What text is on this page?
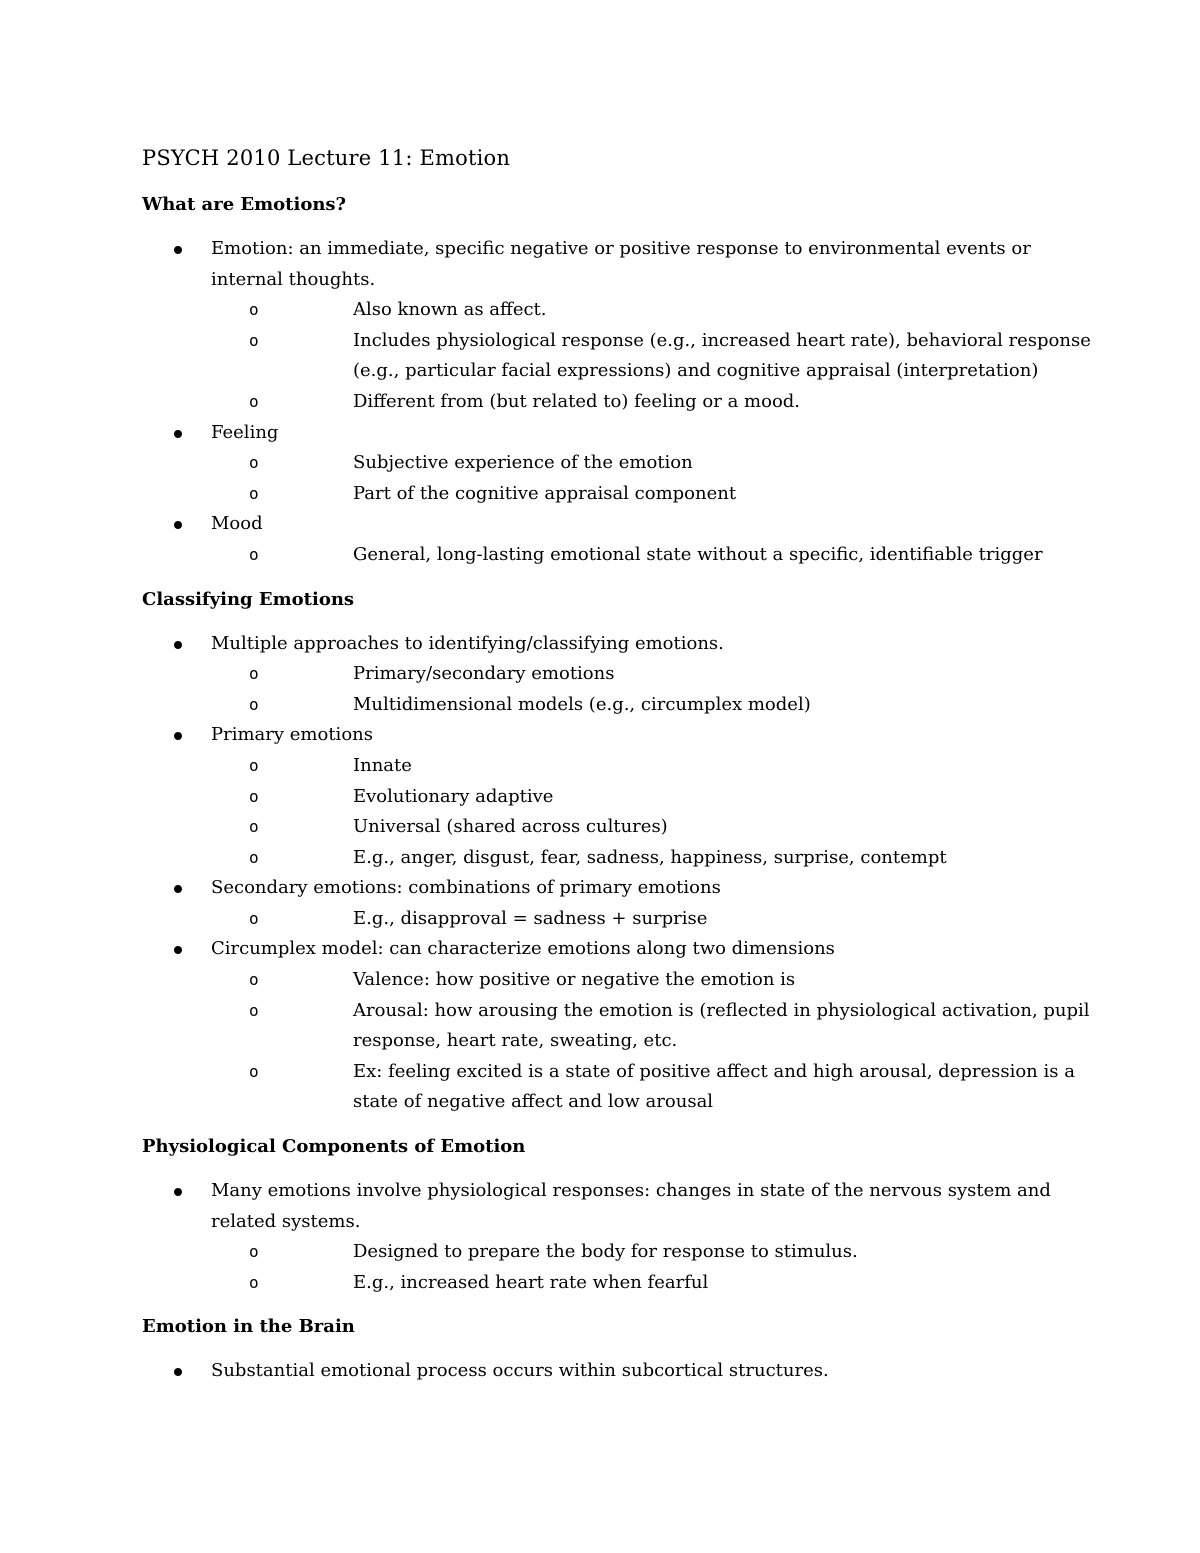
PSYCH 2010 Lecture 11: Emotion
What are Emotions?
Emotion: an immediate, specific negative or positive response to environmental events or internal thoughts.
o	Also known as affect.
o	Includes physiological response (e.g., increased heart rate), behavioral response (e.g., particular facial expressions) and cognitive appraisal (interpretation)
o	Different from (but related to) feeling or a mood.
Feeling
o	Subjective experience of the emotion
o	Part of the cognitive appraisal component
Mood
o	General, long-lasting emotional state without a specific, identifiable trigger
Classifying Emotions
Multiple approaches to identifying/classifying emotions.
o	Primary/secondary emotions
o	Multidimensional models (e.g., circumplex model)
Primary emotions
o	Innate
o	Evolutionary adaptive
o	Universal (shared across cultures)
o	E.g., anger, disgust, fear, sadness, happiness, surprise, contempt
Secondary emotions: combinations of primary emotions
o	E.g., disapproval = sadness + surprise
Circumplex model: can characterize emotions along two dimensions
o	Valence: how positive or negative the emotion is
o	Arousal: how arousing the emotion is (reflected in physiological activation, pupil response, heart rate, sweating, etc.
o	Ex: feeling excited is a state of positive affect and high arousal, depression is a state of negative affect and low arousal
Physiological Components of Emotion
Many emotions involve physiological responses: changes in state of the nervous system and related systems.
o	Designed to prepare the body for response to stimulus.
o	E.g., increased heart rate when fearful
Emotion in the Brain
Substantial emotional process occurs within subcortical structures.
